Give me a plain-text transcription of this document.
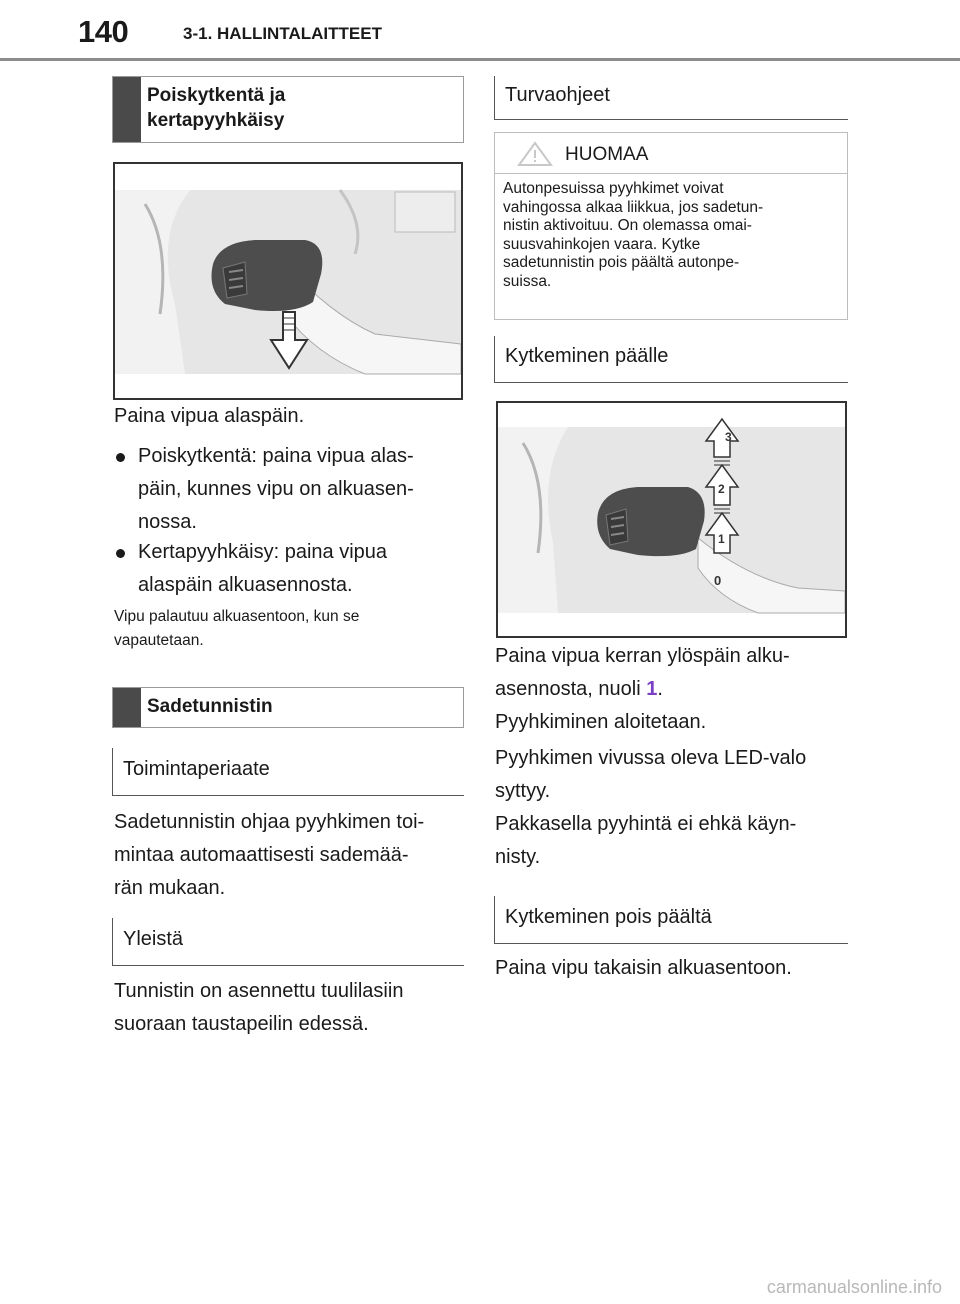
140	3-1. HALLINTALAITTEET
Poiskytkentä ja
kertapyyhkäisy
Paina vipua alaspäin.
Poiskytkentä: paina vipua alas-
päin, kunnes vipu on alkuasen-
nossa.
Kertapyyhkäisy: paina vipua
alaspäin alkuasennosta.
Vipu palautuu alkuasentoon, kun se
vapautetaan.
Sadetunnistin
Toimintaperiaate
Sadetunnistin ohjaa pyyhkimen toi-
mintaa automaattisesti sademää-
rän mukaan.
Yleistä
Tunnistin on asennettu tuulilasiin
suoraan taustapeilin edessä.
Turvaohjeet
HUOMAA
Autonpesuissa pyyhkimet voivat
vahingossa alkaa liikkua, jos sadetun-
nistin aktivoituu. On olemassa omai-
suusvahinkojen vaara. Kytke
sadetunnistin pois päältä autonpe-
suissa.
Kytkeminen päälle
3
2
1
0
Paina vipua kerran ylöspäin alku-
asennosta, nuoli 1.
Pyyhkiminen aloitetaan.
Pyyhkimen vivussa oleva LED-valo
syttyy.
Pakkasella pyyhintä ei ehkä käyn-
nisty.
Kytkeminen pois päältä
Paina vipu takaisin alkuasentoon.
carmanualsonline.info
